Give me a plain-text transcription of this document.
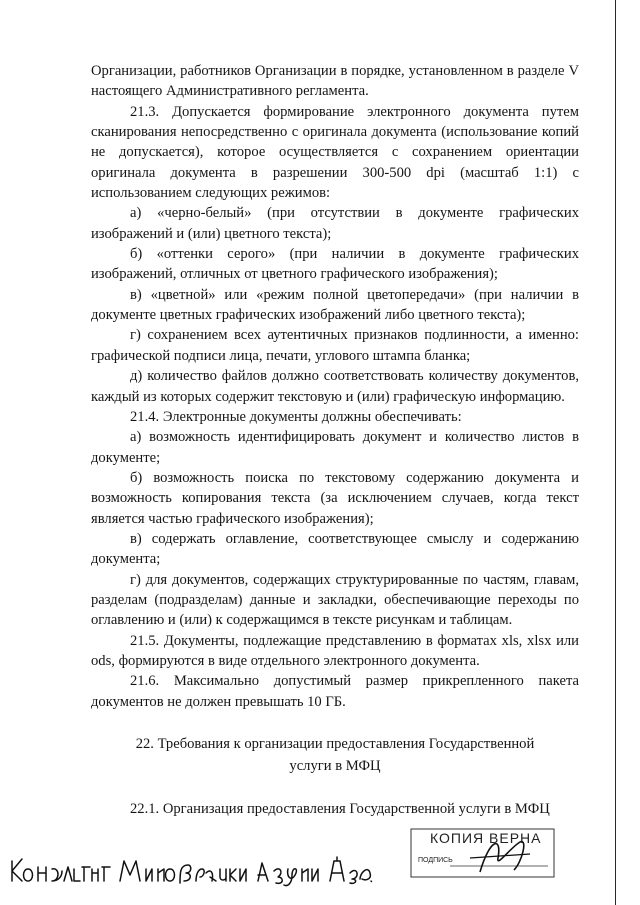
Организации, работников Организации в порядке, установленном в разделе V настоящего Административного регламента.

21.3. Допускается формирование электронного документа путем сканирования непосредственно с оригинала документа (использование копий не допускается), которое осуществляется с сохранением ориентации оригинала документа в разрешении 300-500 dpi (масштаб 1:1) с использованием следующих режимов:

а) «черно-белый» (при отсутствии в документе графических изображений и (или) цветного текста);

б) «оттенки серого» (при наличии в документе графических изображений, отличных от цветного графического изображения);

в) «цветной» или «режим полной цветопередачи» (при наличии в документе цветных графических изображений либо цветного текста);

г) сохранением всех аутентичных признаков подлинности, а именно: графической подписи лица, печати, углового штампа бланка;

д) количество файлов должно соответствовать количеству документов, каждый из которых содержит текстовую и (или) графическую информацию.

21.4. Электронные документы должны обеспечивать:

а) возможность идентифицировать документ и количество листов в документе;

б) возможность поиска по текстовому содержанию документа и возможность копирования текста (за исключением случаев, когда текст является частью графического изображения);

в) содержать оглавление, соответствующее смыслу и содержанию документа;

г) для документов, содержащих структурированные по частям, главам, разделам (подразделам) данные и закладки, обеспечивающие переходы по оглавлению и (или) к содержащимся в тексте рисункам и таблицам.

21.5. Документы, подлежащие представлению в форматах xls, xlsx или ods, формируются в виде отдельного электронного документа.

21.6. Максимально допустимый размер прикрепленного пакета документов не должен превышать 10 ГБ.

22. Требования к организации предоставления Государственной

услуги в МФЦ

22.1. Организация предоставления Государственной услуги в МФЦ

КОПИЯ ВЕРНА
ПОДПИСЬ
